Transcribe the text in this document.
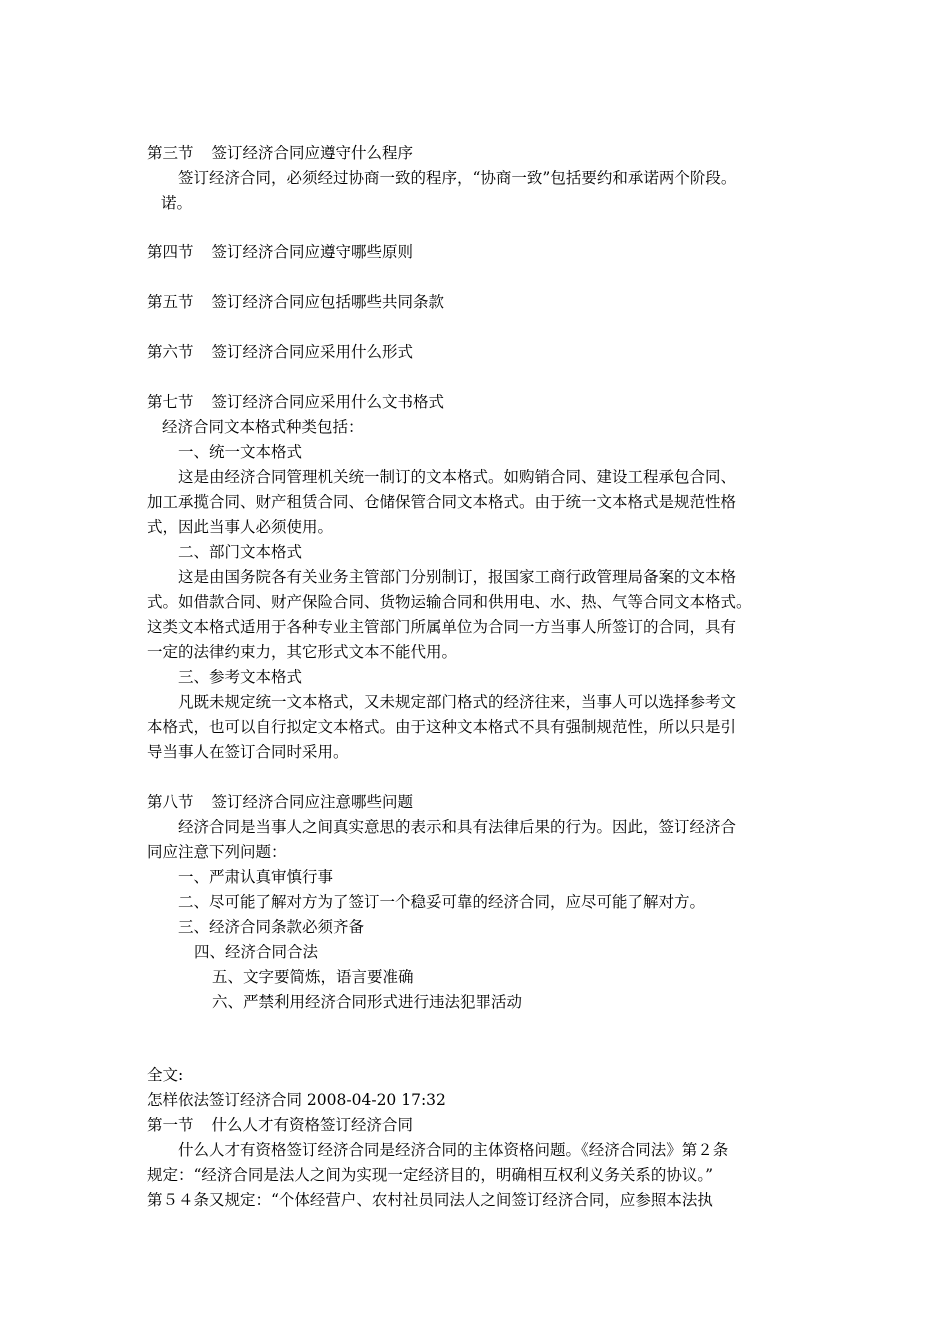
第三节 签订经济合同应遵守什么程序
签订经济合同，必须经过协商一致的程序，“协商一致”包括要约和承诺两个阶段。
诺。
第四节 签订经济合同应遵守哪些原则
第五节 签订经济合同应包括哪些共同条款
第六节 签订经济合同应采用什么形式
第七节 签订经济合同应采用什么文书格式
经济合同文本格式种类包括：
一、统一文本格式
这是由经济合同管理机关统一制订的文本格式。如购销合同、建设工程承包合同、
加工承揽合同、财产租赁合同、仓储保管合同文本格式。由于统一文本格式是规范性格
式，因此当事人必须使用。
二、部门文本格式
这是由国务院各有关业务主管部门分别制订，报国家工商行政管理局备案的文本格
式。如借款合同、财产保险合同、货物运输合同和供用电、水、热、气等合同文本格式。
这类文本格式适用于各种专业主管部门所属单位为合同一方当事人所签订的合同，具有
一定的法律约束力，其它形式文本不能代用。
三、参考文本格式
凡既未规定统一文本格式，又未规定部门格式的经济往来，当事人可以选择参考文
本格式，也可以自行拟定文本格式。由于这种文本格式不具有强制规范性，所以只是引
导当事人在签订合同时采用。
第八节 签订经济合同应注意哪些问题
经济合同是当事人之间真实意思的表示和具有法律后果的行为。因此，签订经济合
同应注意下列问题：
一、严肃认真审慎行事
二、尽可能了解对方为了签订一个稳妥可靠的经济合同，应尽可能了解对方。
三、经济合同条款必须齐备
四、经济合同合法
五、文字要简炼，语言要准确
六、严禁利用经济合同形式进行违法犯罪活动
全文:
怎样依法签订经济合同 2008-04-20 17:32
第一节 什么人才有资格签订经济合同
什么人才有资格签订经济合同是经济合同的主体资格问题。《经济合同法》第２条
规定：“经济合同是法人之间为实现一定经济目的，明确相互权利义务关系的协议。”
第５４条又规定：“个体经营户、农村社员同法人之间签订经济合同，应参照本法执
